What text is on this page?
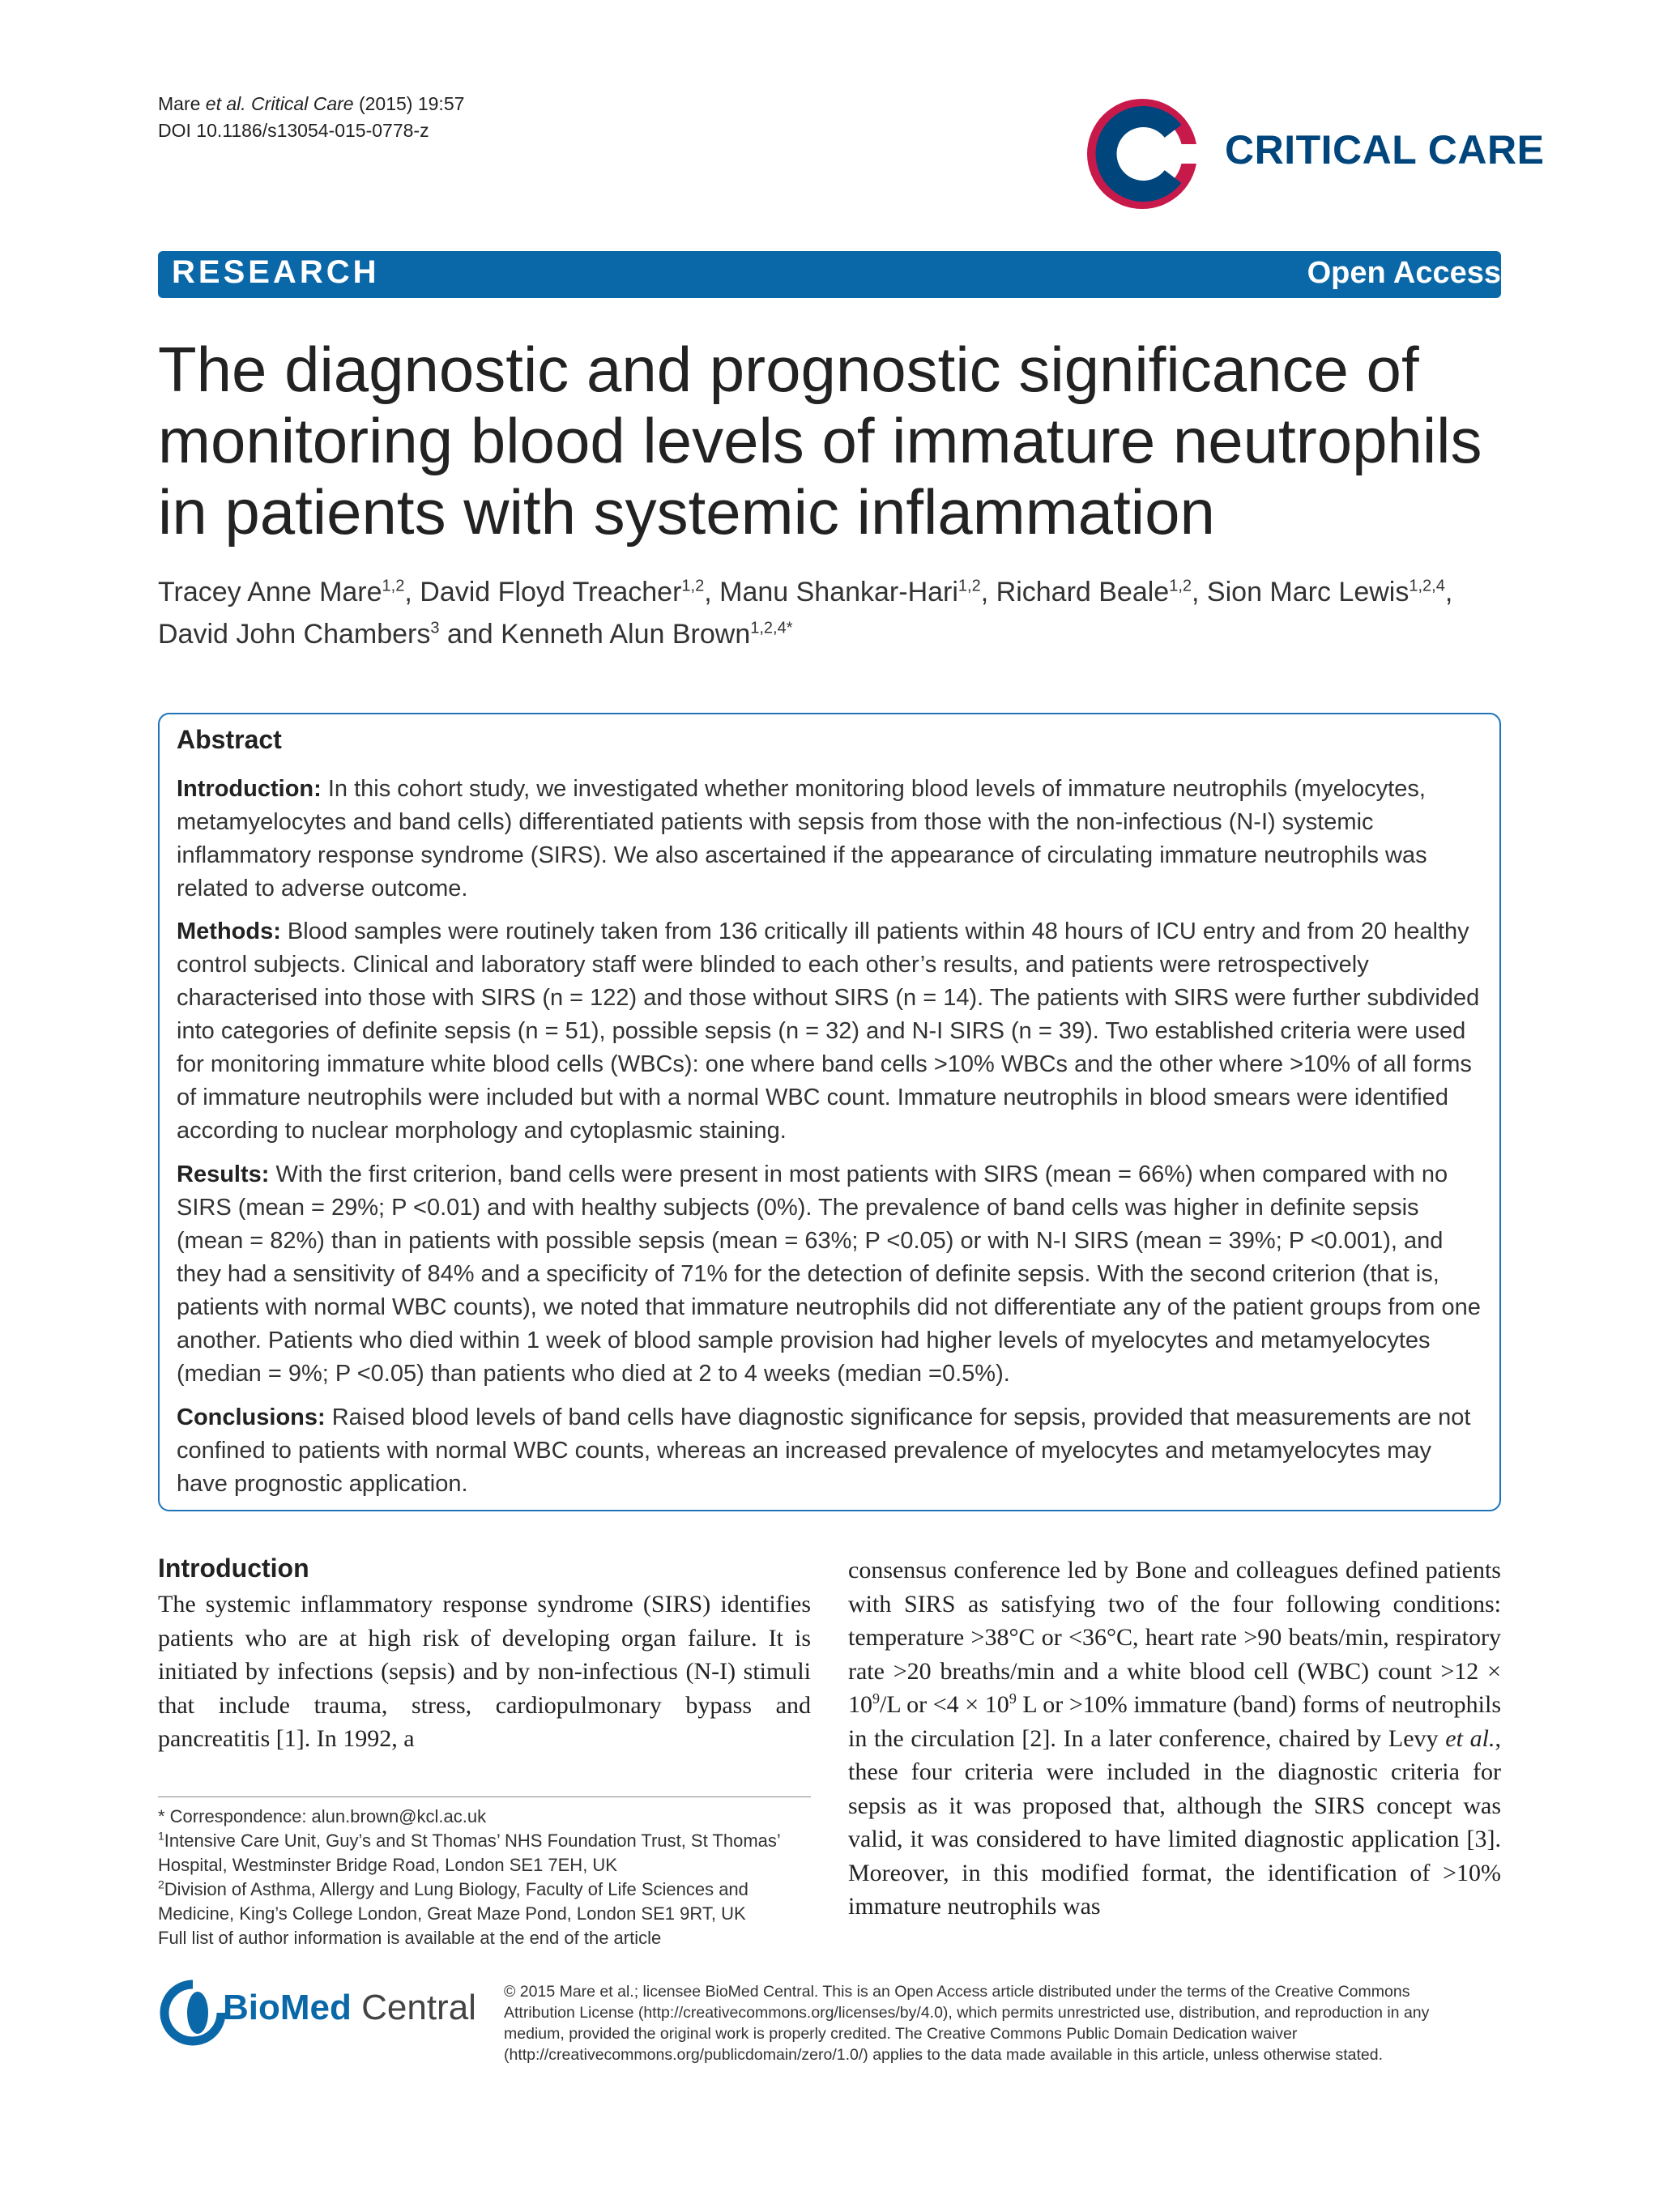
Mare et al. Critical Care (2015) 19:57
DOI 10.1186/s13054-015-0778-z	CRITICAL CARE
RESEARCH	Open Access
The diagnostic and prognostic significance of
monitoring blood levels of immature neutrophils
in patients with systemic inflammation
Tracey Anne Mare$^{1,2}$, David Floyd Treacher$^{1,2}$, Manu Shankar-Hari$^{1,2}$, Richard Beale$^{1,2}$, Sion Marc Lewis$^{1,2,4}$,
David John Chambers$^3$ and Kenneth Alun Brown$^{1,2,4*}$
Abstract
Introduction: In this cohort study, we investigated whether monitoring blood levels of immature neutrophils (myelocytes, metamyelocytes and band cells) differentiated patients with sepsis from those with the non-infectious (N-I) systemic inflammatory response syndrome (SIRS). We also ascertained if the appearance of circulating immature neutrophils was related to adverse outcome.
Methods: Blood samples were routinely taken from 136 critically ill patients within 48 hours of ICU entry and from 20 healthy control subjects. Clinical and laboratory staff were blinded to each other’s results, and patients were retrospectively characterised into those with SIRS (n = 122) and those without SIRS (n = 14). The patients with SIRS were further subdivided into categories of definite sepsis (n = 51), possible sepsis (n = 32) and N-I SIRS (n = 39). Two established criteria were used for monitoring immature white blood cells (WBCs): one where band cells >10% WBCs and the other where >10% of all forms of immature neutrophils were included but with a normal WBC count. Immature neutrophils in blood smears were identified according to nuclear morphology and cytoplasmic staining.
Results: With the first criterion, band cells were present in most patients with SIRS (mean = 66%) when compared with no SIRS (mean = 29%; P <0.01) and with healthy subjects (0%). The prevalence of band cells was higher in definite sepsis (mean = 82%) than in patients with possible sepsis (mean = 63%; P <0.05) or with N-I SIRS (mean = 39%; P <0.001), and they had a sensitivity of 84% and a specificity of 71% for the detection of definite sepsis. With the second criterion (that is, patients with normal WBC counts), we noted that immature neutrophils did not differentiate any of the patient groups from one another. Patients who died within 1 week of blood sample provision had higher levels of myelocytes and metamyelocytes (median = 9%; P <0.05) than patients who died at 2 to 4 weeks (median =0.5%).
Conclusions: Raised blood levels of band cells have diagnostic significance for sepsis, provided that measurements are not confined to patients with normal WBC counts, whereas an increased prevalence of myelocytes and metamyelocytes may have prognostic application.
Introduction
The systemic inflammatory response syndrome (SIRS) identifies patients who are at high risk of developing organ failure. It is initiated by infections (sepsis) and by non-infectious (N-I) stimuli that include trauma, stress, cardiopulmonary bypass and pancreatitis [1]. In 1992, a
consensus conference led by Bone and colleagues defined patients with SIRS as satisfying two of the four following conditions: temperature >38°C or <36°C, heart rate >90 beats/min, respiratory rate >20 breaths/min and a white blood cell (WBC) count $>12 \times 10^9/L$ or $<4 \times 10^9$ L or >10% immature (band) forms of neutrophils in the circulation [2]. In a later conference, chaired by Levy et al., these four criteria were included in the diagnostic criteria for sepsis as it was proposed that, although the SIRS concept was valid, it was considered to have limited diagnostic application [3]. Moreover, in this modified format, the identification of >10% immature neutrophils was
* Correspondence: alun.brown@kcl.ac.uk
$^1$Intensive Care Unit, Guy’s and St Thomas’ NHS Foundation Trust, St Thomas’ Hospital, Westminster Bridge Road, London SE1 7EH, UK
$^2$Division of Asthma, Allergy and Lung Biology, Faculty of Life Sciences and Medicine, King’s College London, Great Maze Pond, London SE1 9RT, UK
Full list of author information is available at the end of the article
BioMed Central © 2015 Mare et al.; licensee BioMed Central. This is an Open Access article distributed under the terms of the Creative Commons Attribution License (http://creativecommons.org/licenses/by/4.0), which permits unrestricted use, distribution, and reproduction in any medium, provided the original work is properly credited. The Creative Commons Public Domain Dedication waiver (http://creativecommons.org/publicdomain/zero/1.0/) applies to the data made available in this article, unless otherwise stated.
